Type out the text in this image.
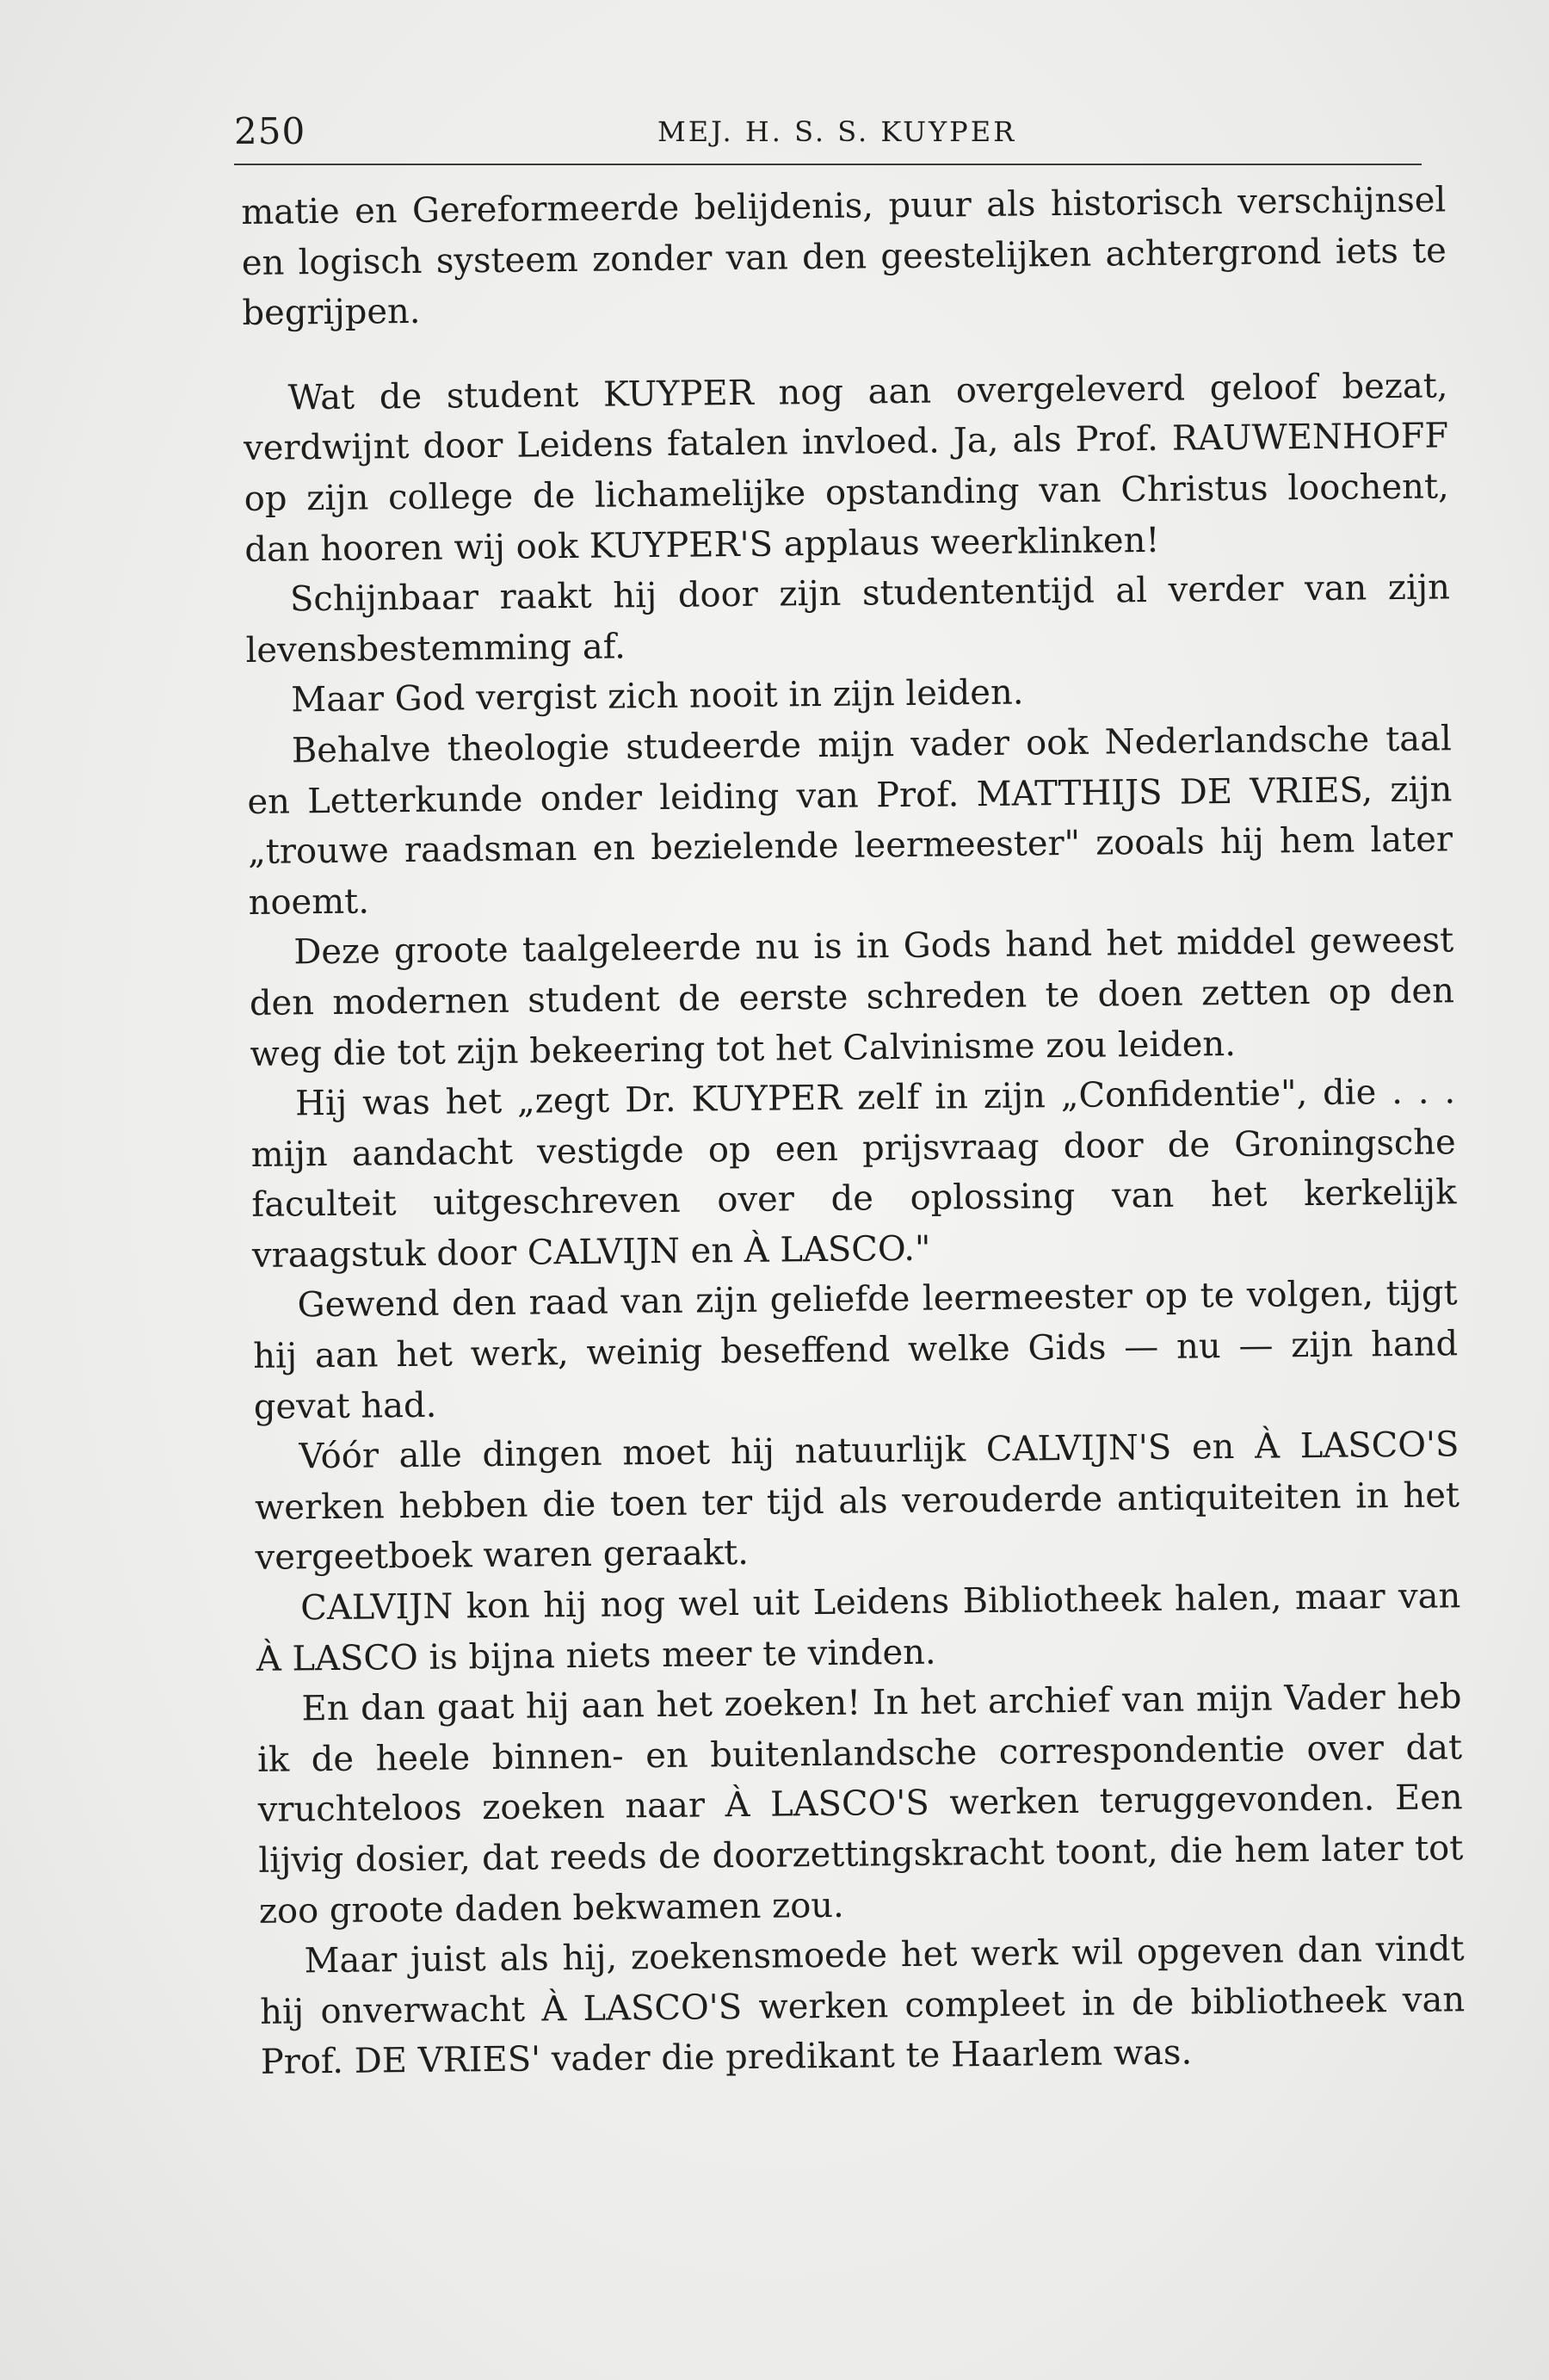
250	MEJ. H. S. S. KUYPER

matie en Gereformeerde belijdenis, puur als historisch verschijnsel en logisch systeem zonder van den geestelijken achtergrond iets te begrijpen.

Wat de student KUYPER nog aan overgeleverd geloof bezat, verdwijnt door Leidens fatalen invloed. Ja, als Prof. RAUWENHOFF op zijn college de lichamelijke opstanding van Christus loochent, dan hooren wij ook KUYPER'S applaus weerklinken!

Schijnbaar raakt hij door zijn studententijd al verder van zijn levensbestemming af.

Maar God vergist zich nooit in zijn leiden.

Behalve theologie studeerde mijn vader ook Nederlandsche taal en Letterkunde onder leiding van Prof. MATTHIJS DE VRIES, zijn „trouwe raadsman en bezielende leermeester" zooals hij hem later noemt.

Deze groote taalgeleerde nu is in Gods hand het middel geweest den modernen student de eerste schreden te doen zetten op den weg die tot zijn bekeering tot het Calvinisme zou leiden.

Hij was het „zegt Dr. KUYPER zelf in zijn „Confidentie", die . . . mijn aandacht vestigde op een prijsvraag door de Groningsche faculteit uitgeschreven over de oplossing van het kerkelijk vraagstuk door CALVIJN en À LASCO."

Gewend den raad van zijn geliefde leermeester op te volgen, tijgt hij aan het werk, weinig beseffend welke Gids — nu — zijn hand gevat had.

Vóór alle dingen moet hij natuurlijk CALVIJN'S en À LASCO'S werken hebben die toen ter tijd als verouderde antiquiteiten in het vergeetboek waren geraakt.

CALVIJN kon hij nog wel uit Leidens Bibliotheek halen, maar van À LASCO is bijna niets meer te vinden.

En dan gaat hij aan het zoeken! In het archief van mijn Vader heb ik de heele binnen- en buitenlandsche correspondentie over dat vruchteloos zoeken naar À LASCO'S werken teruggevonden. Een lijvig dosier, dat reeds de doorzettingskracht toont, die hem later tot zoo groote daden bekwamen zou.

Maar juist als hij, zoekensmoede het werk wil opgeven dan vindt hij onverwacht À LASCO'S werken compleet in de bibliotheek van Prof. DE VRIES' vader die predikant te Haarlem was.
